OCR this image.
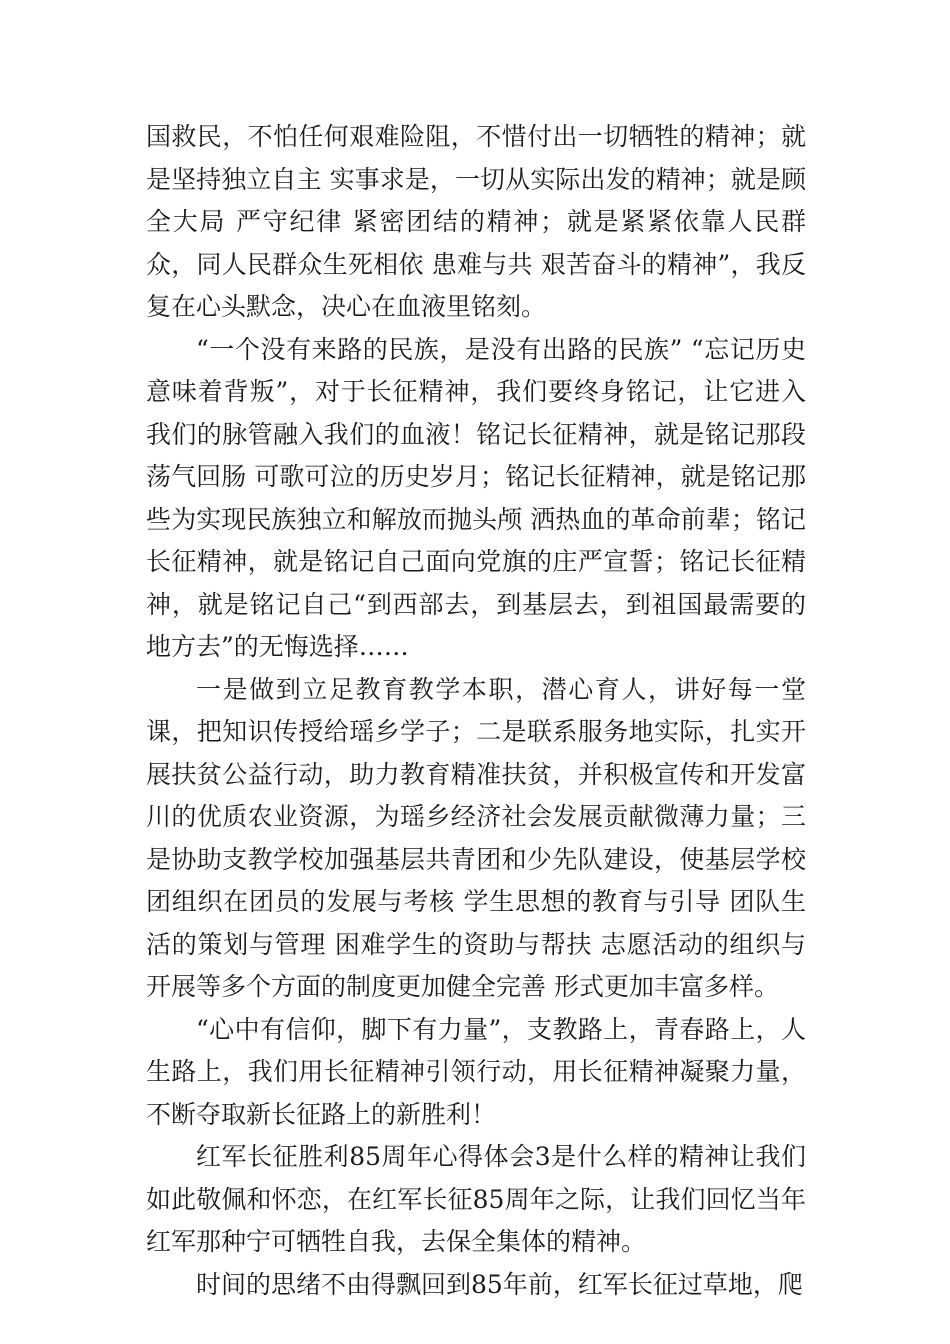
国救民，不怕任何艰难险阻，不惜付出一切牺牲的精神；就是坚持独立自主 实事求是，一切从实际出发的精神；就是顾全大局 严守纪律 紧密团结的精神；就是紧紧依靠人民群众，同人民群众生死相依 患难与共 艰苦奋斗的精神”，我反复在心头默念，决心在血液里铭刻。

“一个没有来路的民族，是没有出路的民族” “忘记历史意味着背叛”，对于长征精神，我们要终身铭记，让它进入我们的脉管融入我们的血液！铭记长征精神，就是铭记那段荡气回肠 可歌可泣的历史岁月；铭记长征精神，就是铭记那些为实现民族独立和解放而抛头颅 洒热血的革命前辈；铭记长征精神，就是铭记自己面向党旗的庄严宣誓；铭记长征精神，就是铭记自己“到西部去，到基层去，到祖国最需要的地方去”的无悔选择……

一是做到立足教育教学本职，潜心育人，讲好每一堂课，把知识传授给瑶乡学子；二是联系服务地实际，扎实开展扶贫公益行动，助力教育精准扶贫，并积极宣传和开发富川的优质农业资源，为瑶乡经济社会发展贡献微薄力量；三是协助支教学校加强基层共青团和少先队建设，使基层学校团组织在团员的发展与考核 学生思想的教育与引导 团队生活的策划与管理 困难学生的资助与帮扶 志愿活动的组织与开展等多个方面的制度更加健全完善 形式更加丰富多样。

“心中有信仰，脚下有力量”，支教路上，青春路上，人生路上，我们用长征精神引领行动，用长征精神凝聚力量，不断夺取新长征路上的新胜利！

红军长征胜利85周年心得体会3是什么样的精神让我们如此敬佩和怀恋，在红军长征85周年之际，让我们回忆当年红军那种宁可牺牲自我，去保全集体的精神。

时间的思绪不由得飘回到85年前，红军长征过草地，爬
